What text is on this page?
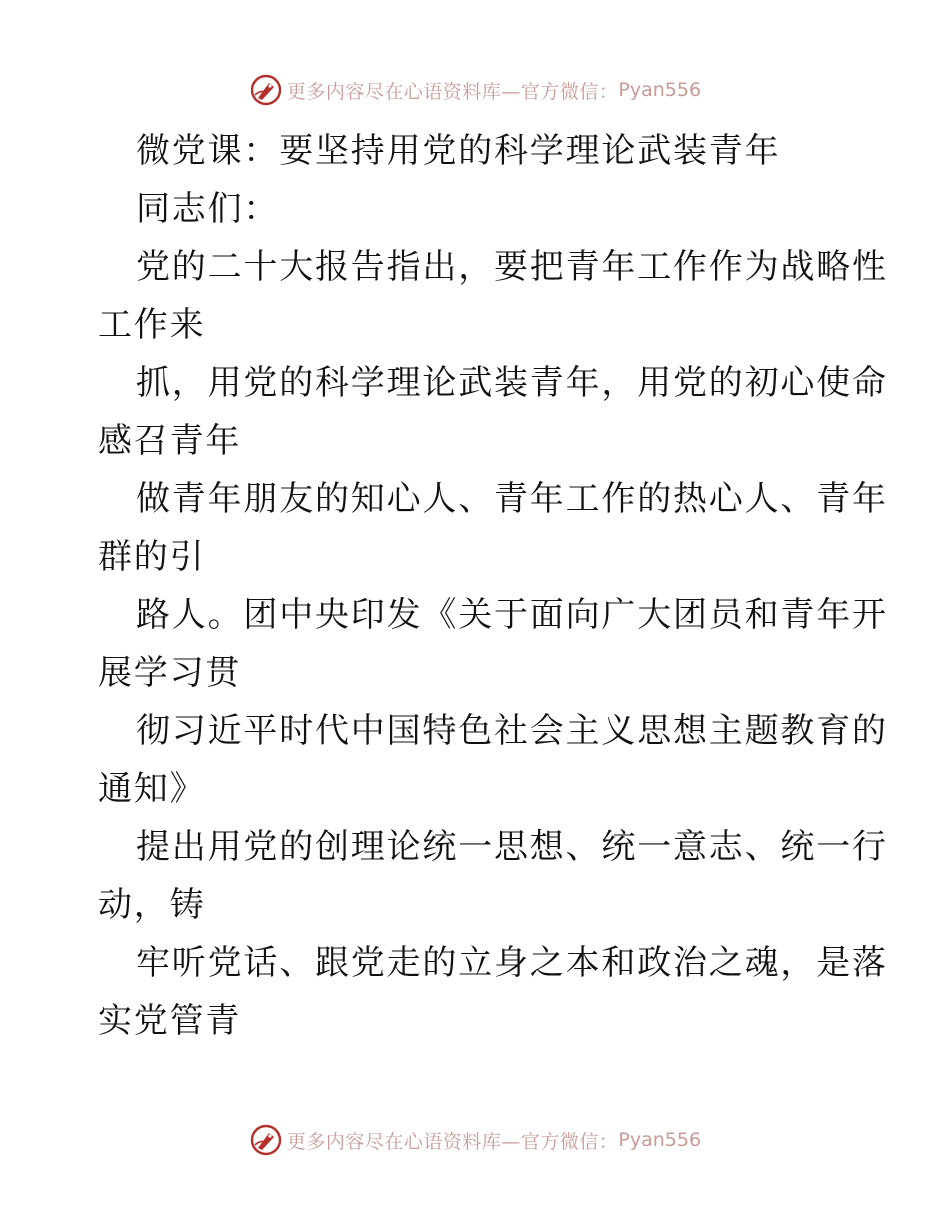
更多内容尽在心语资料库—官方微信： Pyan556
微党课：要坚持用党的科学理论武装青年
同志们：
党的二十大报告指出，要把青年工作作为战略性
工作来
抓，用党的科学理论武装青年，用党的初心使命
感召青年
做青年朋友的知心人、青年工作的热心人、青年
群的引
路人。团中央印发《关于面向广大团员和青年开
展学习贯
彻习近平时代中国特色社会主义思想主题教育的
通知》
提出用党的创理论统一思想、统一意志、统一行
动，铸
牢听党话、跟党走的立身之本和政治之魂，是落
实党管青
更多内容尽在心语资料库—官方微信： Pyan556
